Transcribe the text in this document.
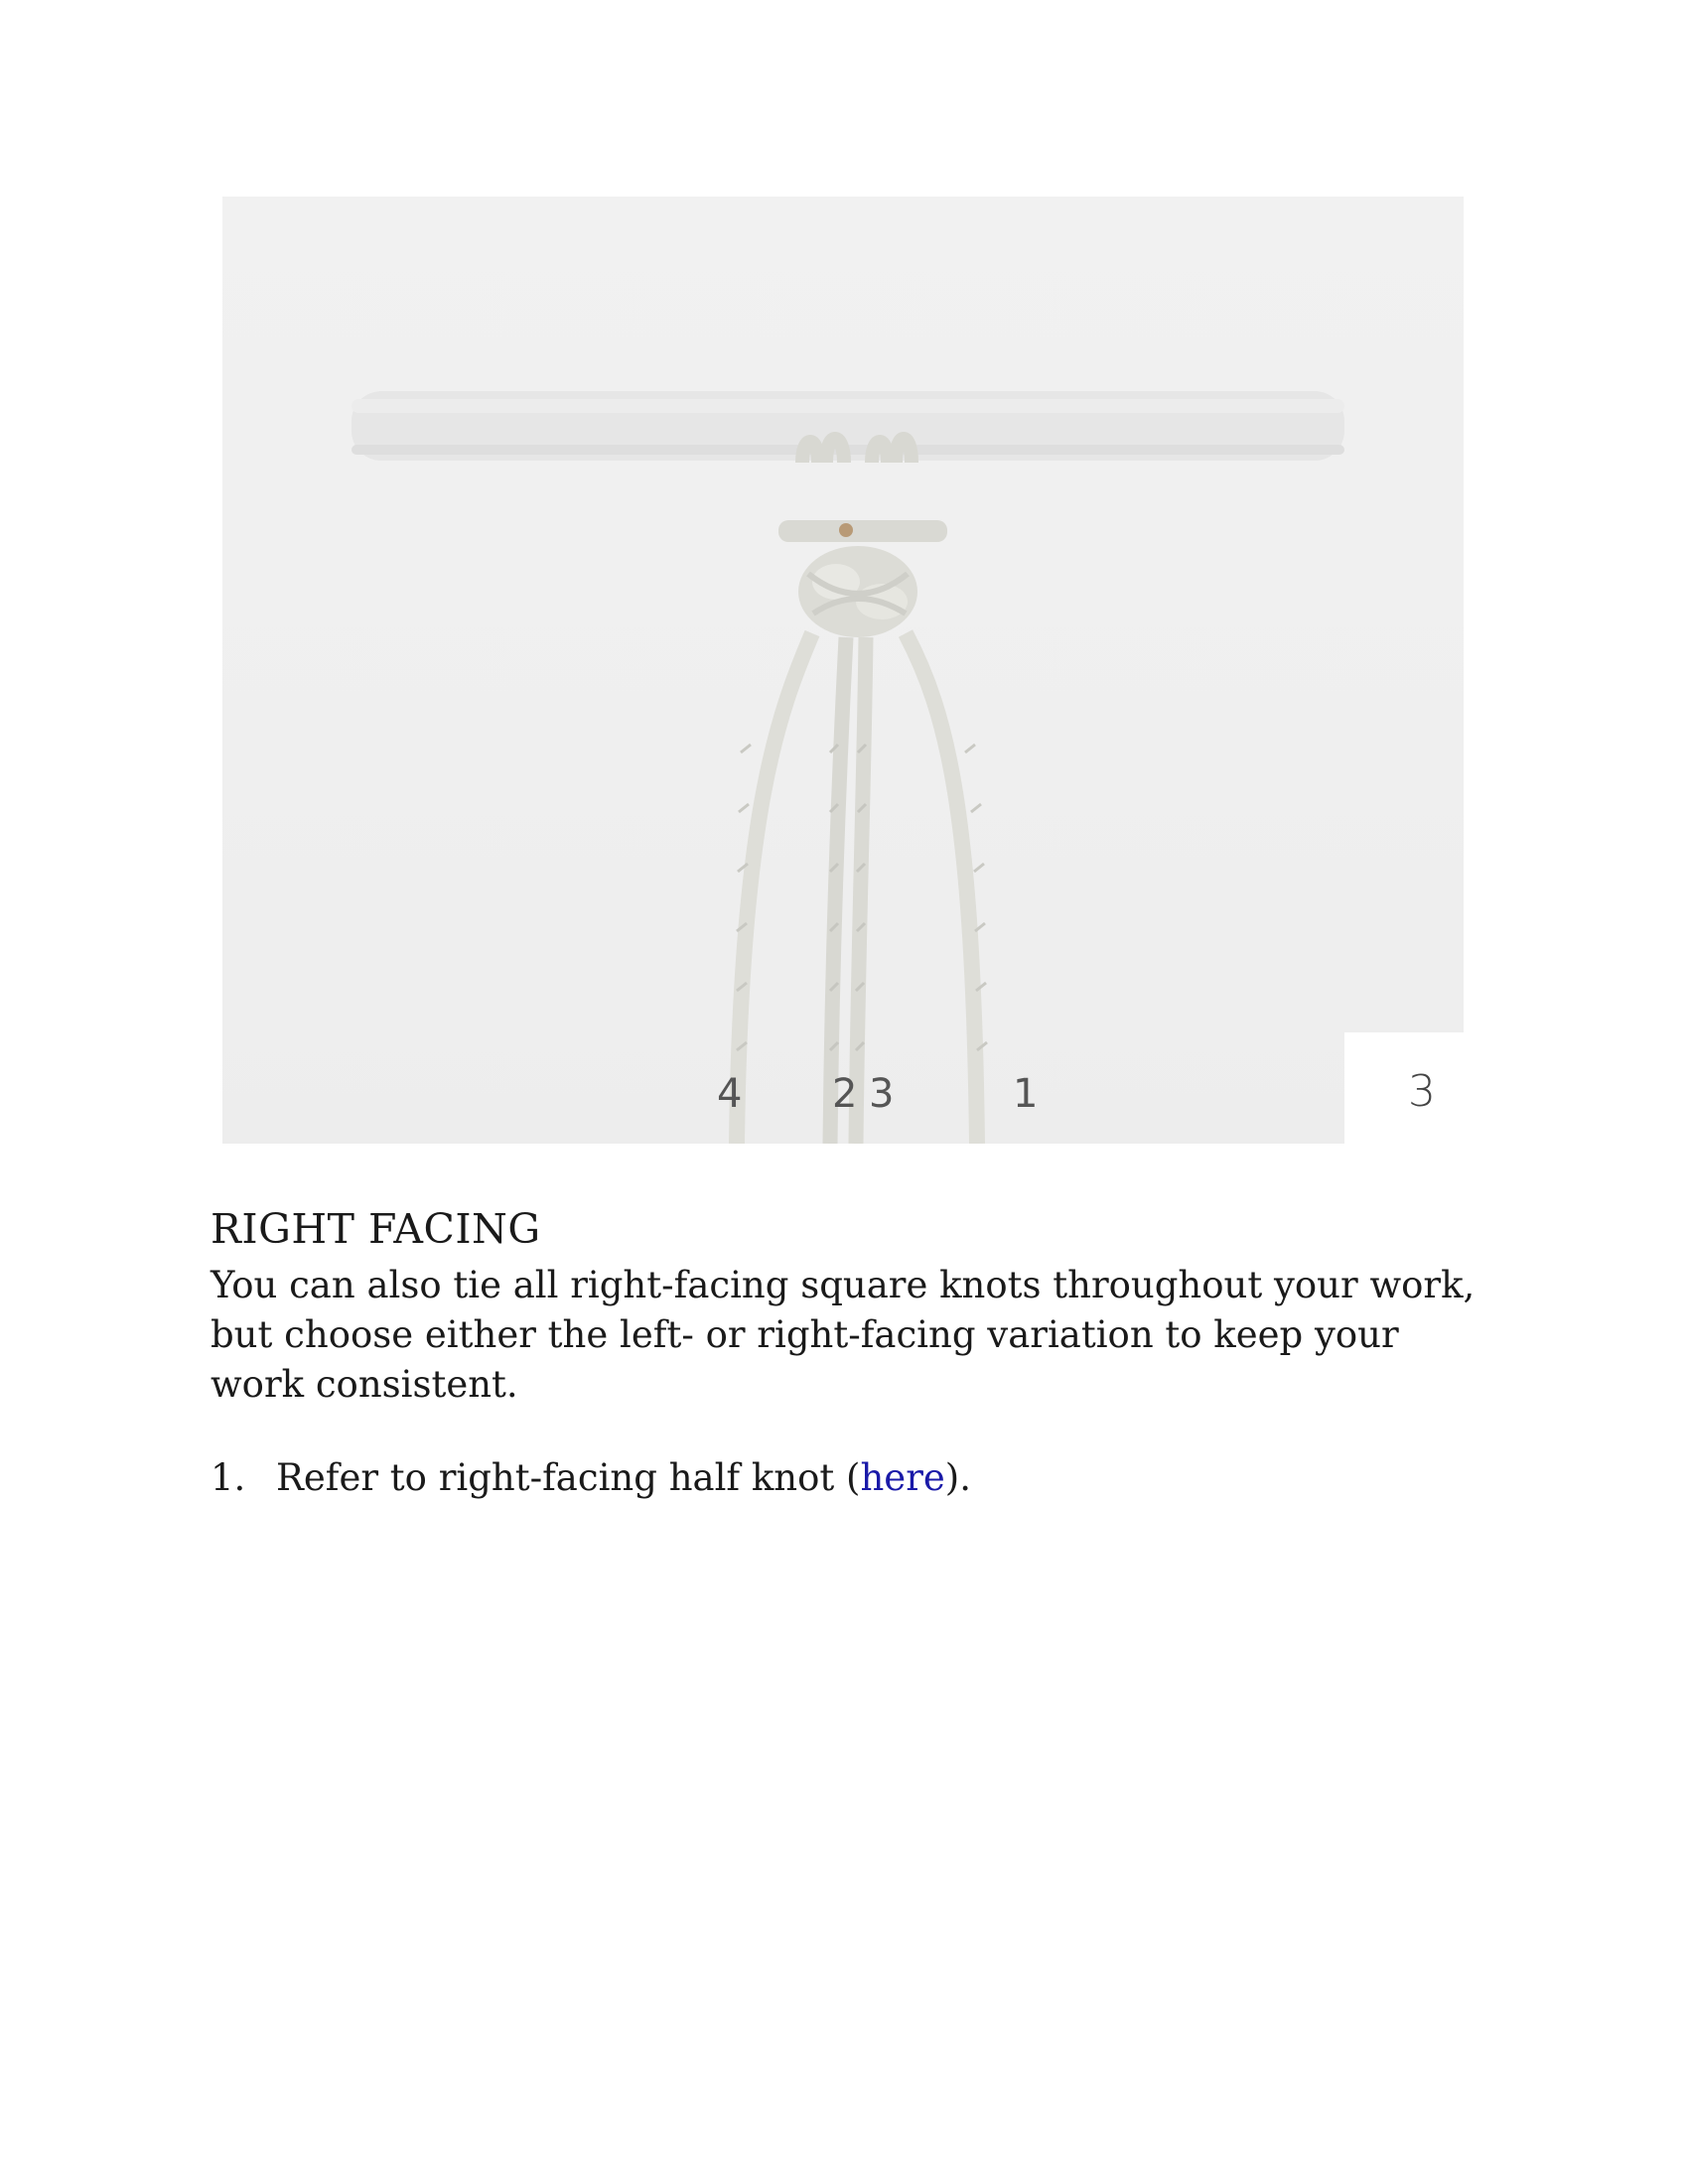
4 2 3	1	3
RIGHT FACING

You can also tie all right-facing square knots throughout your work, but choose either the left- or right-facing variation to keep your work consistent.

1. Refer to right-facing half knot (here).
